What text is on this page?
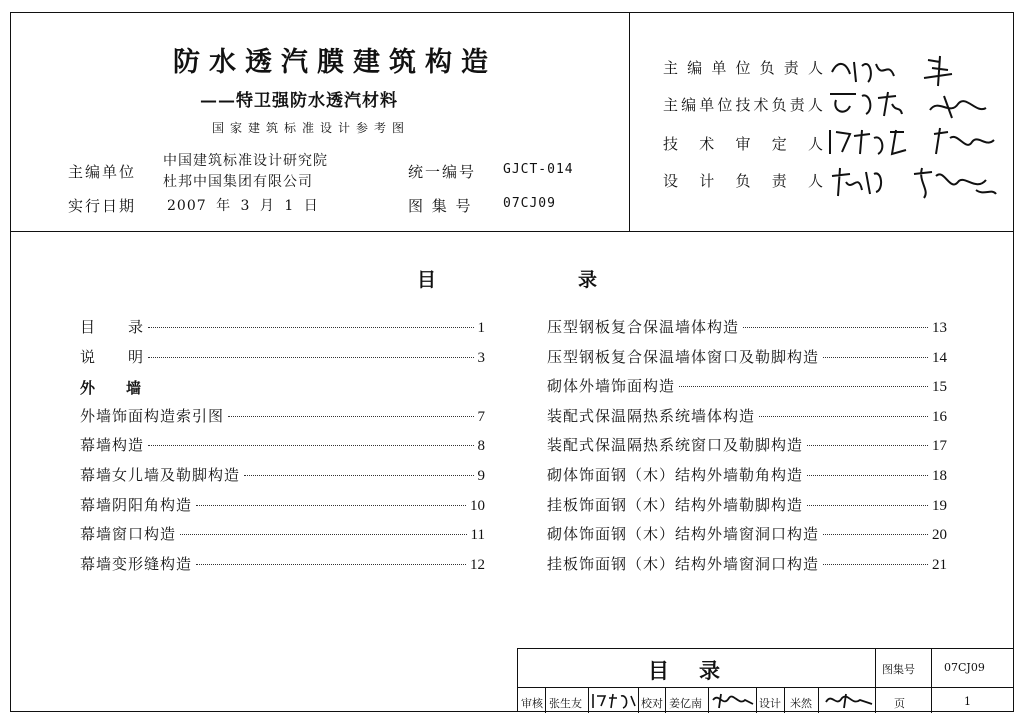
防水透汽膜建筑构造
——特卫强防水透汽材料
国家建筑标准设计参考图
主编单位
中国建筑标准设计研究院
杜邦中国集团有限公司
统一编号 GJCT-014
实行日期 2007 年 3 月 1 日	图 集 号 07CJ09
主 编 单 位 负 责 人
主 编 单 位 技 术 负 责 人
技 术 审 定 人
设 计 负 责 人
目	录
目　　录	1
说　　明	3
外　墙
外墙饰面构造索引图	7
幕墙构造	8
幕墙女儿墙及勒脚构造	9
幕墙阴阳角构造	10
幕墙窗口构造	11
幕墙变形缝构造	12
压型钢板复合保温墙体构造	13
压型钢板复合保温墙体窗口及勒脚构造	14
砌体外墙饰面构造	15
装配式保温隔热系统墙体构造	16
装配式保温隔热系统窗口及勒脚构造	17
砌体饰面钢（木）结构外墙勒角构造	18
挂板饰面钢（木）结构外墙勒脚构造	19
砌体饰面钢（木）结构外墙窗洞口构造	20
挂板饰面钢（木）结构外墙窗洞口构造	21
目录	图集号	07CJ09
审核 张生友	校对 姜亿南	设计 米然	页	1
